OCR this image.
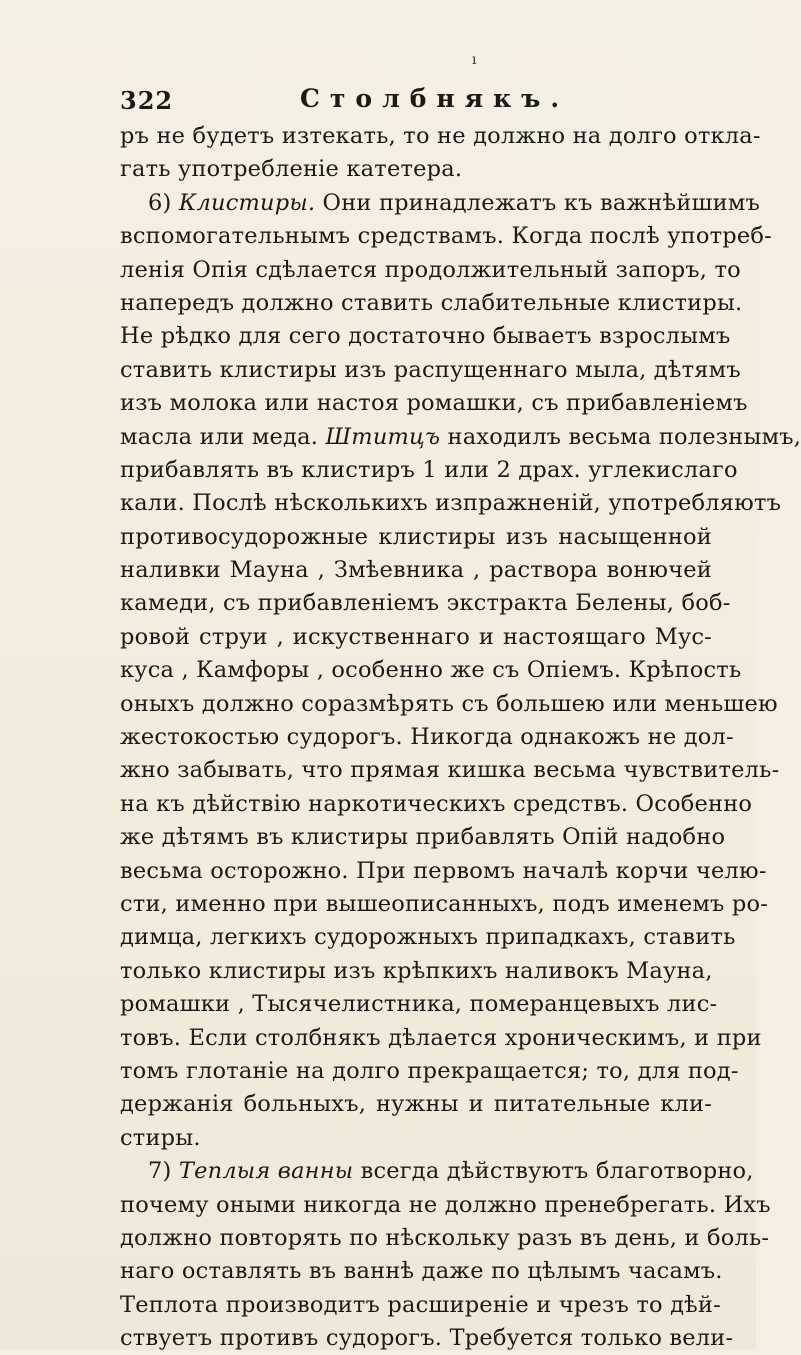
ı
322	Столбнякъ.
ръ не будетъ изтекать, то не должно на долго откла-
гать употребленіе катетера.
6) Клистиры. Они принадлежатъ къ важнѣйшимъ
вспомогательнымъ средствамъ. Когда послѣ употреб-
ленія Опія сдѣлается продолжительный запоръ, то
напередъ должно ставить слабительные клистиры.
Не рѣдко для сего достаточно бываетъ взрослымъ
ставить клистиры изъ распущеннаго мыла, дѣтямъ
изъ молока или настоя ромашки, съ прибавленіемъ
масла или меда. Штитцъ находилъ весьма полезнымъ,
прибавлять въ клистиръ 1 или 2 драх. углекислаго
кали. Послѣ нѣсколькихъ изпражненій, употребляютъ
противосудорожные клистиры изъ насыщенной
наливки Мауна , Змѣевника , раствора вонючей
камеди, съ прибавленіемъ экстракта Белены, боб-
ровой струи , искуственнаго и настоящаго Мус-
куса , Камфоры , особенно же съ Опіемъ. Крѣпость
оныхъ должно соразмѣрять съ большею или меньшею
жестокостью судорогъ. Никогда однакожъ не дол-
жно забывать, что прямая кишка весьма чувствитель-
на къ дѣйствію наркотическихъ средствъ. Особенно
же дѣтямъ въ клистиры прибавлять Опій надобно
весьма осторожно. При первомъ началѣ корчи челю-
сти, именно при вышеописанныхъ, подъ именемъ ро-
димца, легкихъ судорожныхъ припадкахъ, ставить
только клистиры изъ крѣпкихъ наливокъ Мауна,
ромашки , Тысячелистника, померанцевыхъ лис-
товъ. Если столбнякъ дѣлается хроническимъ, и при
томъ глотаніе на долго прекращается; то, для под-
держанія больныхъ, нужны и питательные кли-
стиры.
7) Теплыя ванны всегда дѣйствуютъ благотворно,
почему оными никогда не должно пренебрегать. Ихъ
должно повторять по нѣскольку разъ въ день, и боль-
наго оставлять въ ваннѣ даже по цѣлымъ часамъ.
Теплота производитъ расширеніе и чрезъ то дѣй-
ствуетъ противъ судорогъ. Требуется только вели-
